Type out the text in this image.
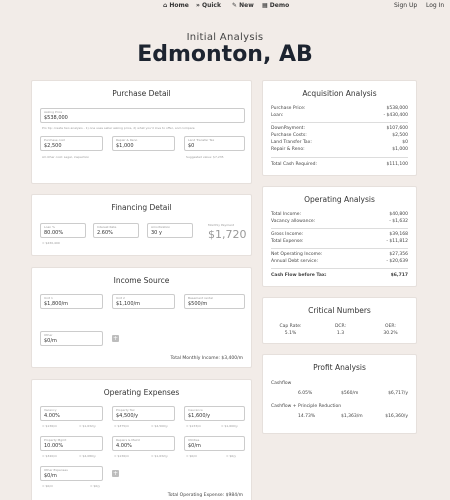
⌂ Home » Quick ✎ New ▦ Demo	Sign Up Log In
Initial Analysis
Edmonton, AB
Purchase Detail
Asking Price
$538,000
Pro tip: create two analysis - 1) one uses seller asking price, 2) what you'd love to offer, and compare
Purchase cost
$2,500
Repair & Reno
$1,000
Land Transfer Tax
$0
All other cost: Legal, inspection	Suggested value: $7,235
Financing Detail
Loan %
80.00%
= $430,400
Interest Rate
2.60%
Amortization
30 y
Monthly Payment
$1,720
Income Source
Unit 1
$1,800/m
Unit 2
$1,100/m
Basement rental
$500/m
Other
$0/m	+
Total Monthly Income: $3,400/m
Operating Expenses
Vacancy
4.00%
= $136/m	= $1,632/y
Property Tax
$4,500/y
= $375/m	= $4,500/y
Insurance
$1,600/y
= $133/m	= $1,600/y
Property Mgmt
10.00%
= $340/m	= $4,080/y
Repairs & Maint
4.00%
= $136/m	= $1,632/y
Utilities
$0/m
= $0/m	= $0/y
Other Expenses
$0/m
= $0/m	= $0/y
+
Total Operating Expense: $984/m
Acquisition Analysis
Purchase Price:	$538,000
Loan:	- $430,400
DownPayment:	$107,600
Purchase Costs:	$2,500
Land Transfer Tax:	$0
Repair & Reno:	$1,000
Total Cash Required:	$111,100
Operating Analysis
Total Income:	$40,800
Vacancy allowance:	- $1,632
Gross Income:	$39,168
Total Expense:	- $11,812
Net Operating Income:	$27,356
Annual Debt service:	- $20,639
Cash Flow before Tax:	$6,717
Critical Numbers
Cap Rate:
5.1%
DCR:
1.3
OER:
30.2%
Profit Analysis
Cashflow
6.05%	$560/m	$6,717/y
Cashflow + Principle Reduction
14.73%	$1,363/m	$16,360/y
